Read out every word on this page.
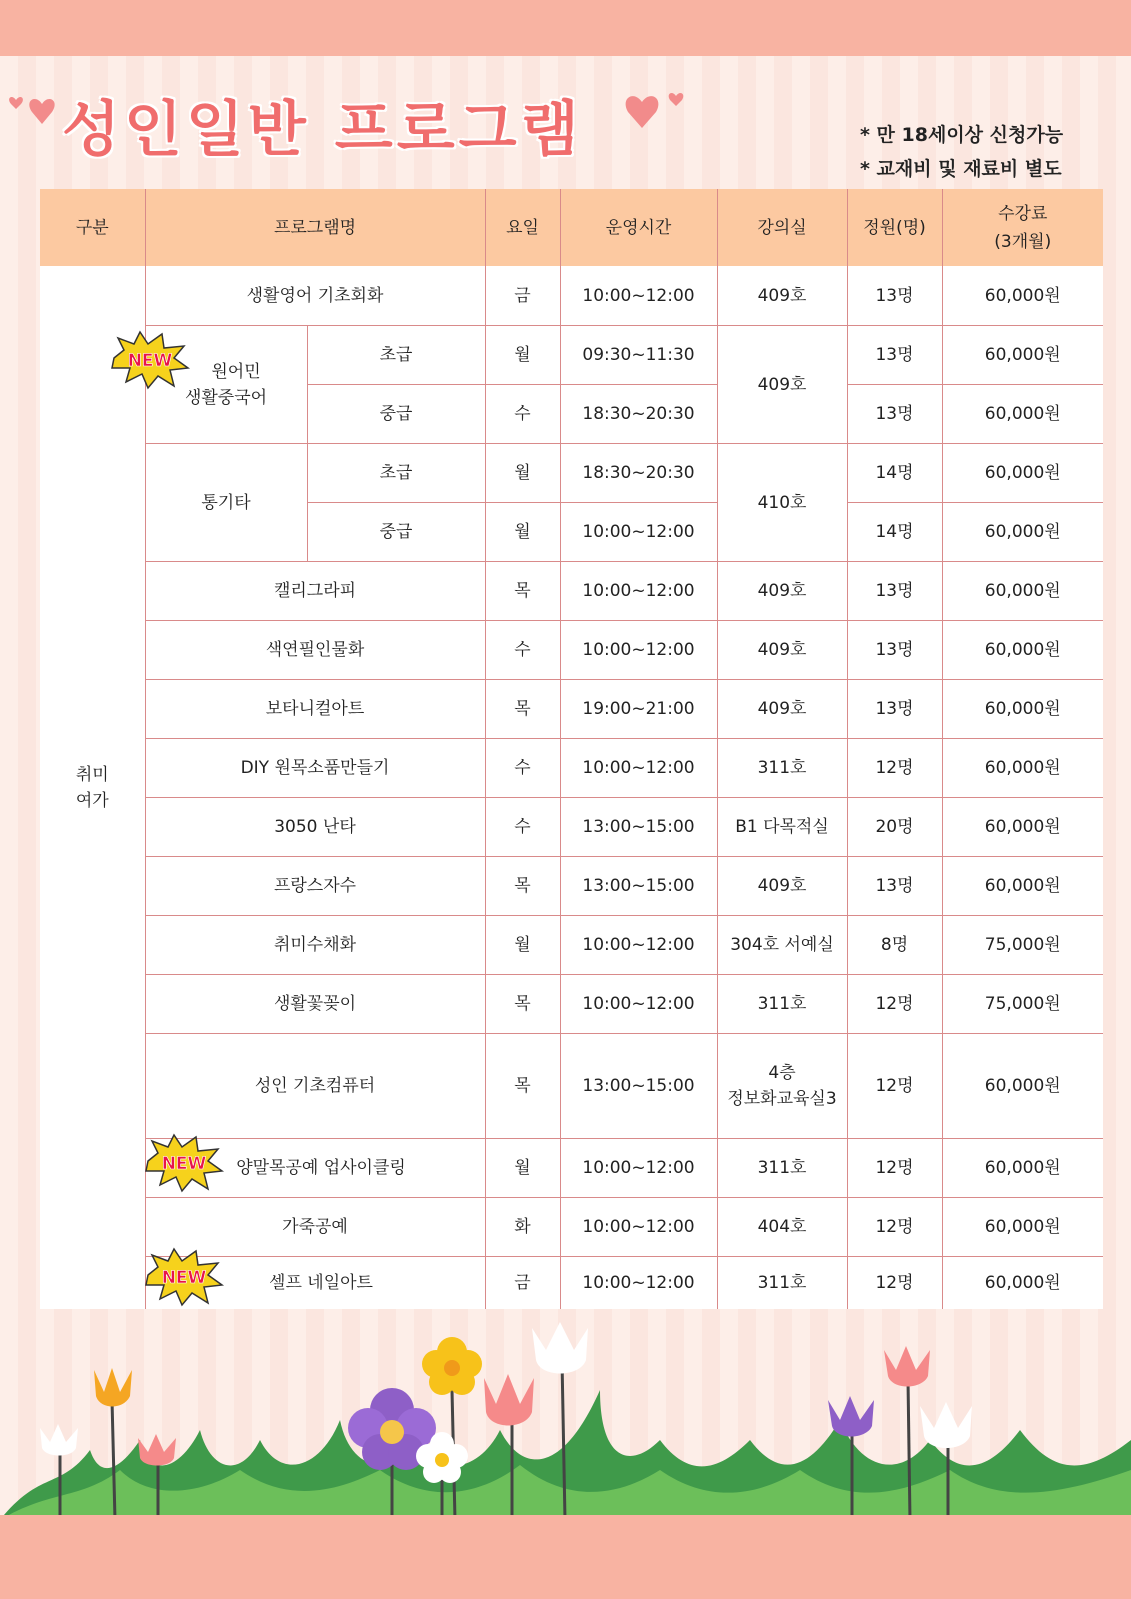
성인일반 프로그램	* 만 18세이상 신청가능
* 교재비 및 재료비 별도
구분	프로그램명		요일	운영시간	강의실	정원(명)	수강료
(3개월)

취미
여가	생활영어 기초회화		금	10:00~12:00	409호	13명	60,000원

NEW
원어민
생활중국어	초급	월	09:30~11:30	409호	13명	60,000원
		중급	수	18:30~20:30		13명	60,000원
	통기타	초급	월	18:30~20:30	410호	14명	60,000원
		중급	월	10:00~12:00		14명	60,000원
	캘리그라피		목	10:00~12:00	409호	13명	60,000원
	색연필인물화		수	10:00~12:00	409호	13명	60,000원
	보타니컬아트		목	19:00~21:00	409호	13명	60,000원
	DIY 원목소품만들기		수	10:00~12:00	311호	12명	60,000원
	3050 난타		수	13:00~15:00	B1 다목적실	20명	60,000원
	프랑스자수		목	13:00~15:00	409호	13명	60,000원
	취미수채화		월	10:00~12:00	304호 서예실	8명	75,000원
	생활꽃꽂이		목	10:00~12:00	311호	12명	75,000원
	성인 기초컴퓨터		목	13:00~15:00	4층
정보화교육실3	12명	60,000원

NEW 양말목공예 업사이클링		월	10:00~12:00	311호	12명	60,000원
	가죽공예		화	10:00~12:00	404호	12명	60,000원

NEW 셀프 네일아트		금	10:00~12:00	311호	12명	60,000원
